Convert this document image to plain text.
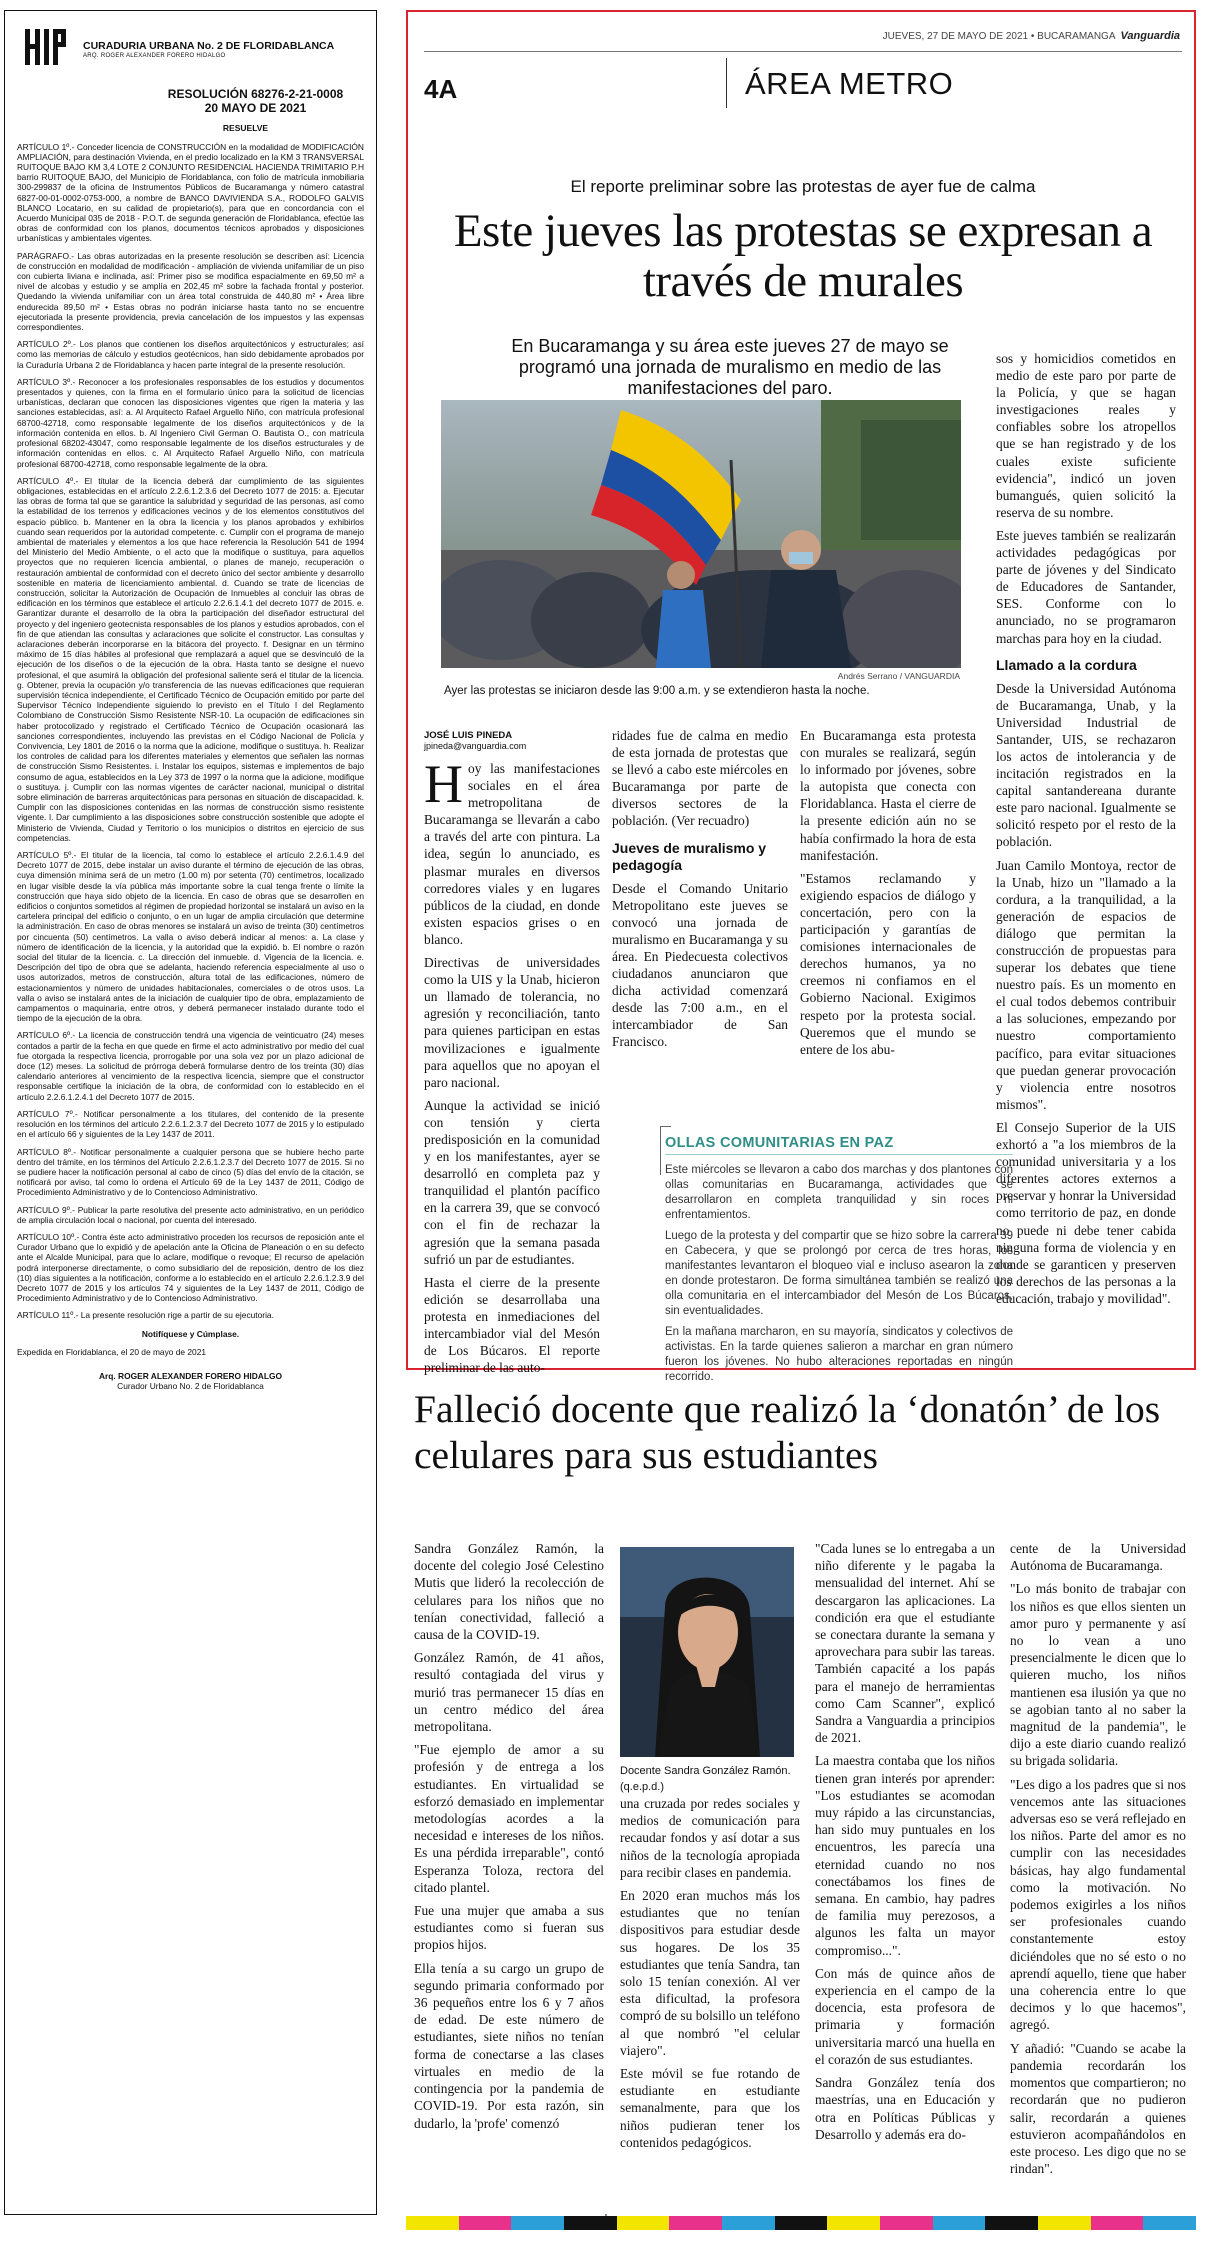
CURADURIA URBANA No. 2 DE FLORIDABLANCA
ARQ. ROGER ALEXANDER FORERO HIDALGO
RESOLUCIÓN 68276-2-21-0008
20 MAYO DE 2021
RESUELVE
ARTÍCULO 1º.- Conceder licencia de CONSTRUCCIÓN en la modalidad de MODIFICACIÓN AMPLIACIÓN, para destinación Vivienda, en el predio localizado en la KM 3 TRANSVERSAL RUITOQUE BAJO KM 3,4 LOTE 2 CONJUNTO RESIDENCIAL HACIENDA TRIMITARIO P.H barrio RUITOQUE BAJO, del Municipio de Floridablanca, con folio de matrícula inmobiliaria 300-299837 de la oficina de Instrumentos Públicos de Bucaramanga y número catastral 6827-00-01-0002-0753-000, a nombre de BANCO DAVIVIENDA S.A., RODOLFO GALVIS BLANCO Locatario, en su calidad de propietario(s), para que en concordancia con el Acuerdo Municipal 035 de 2018 - P.O.T. de segunda generación de Floridablanca, efectúe las obras de conformidad con los planos, documentos técnicos aprobados y disposiciones urbanísticas y ambientales vigentes.
PARÁGRAFO.- Las obras autorizadas en la presente resolución se describen así: Licencia de construcción en modalidad de modificación - ampliación de vivienda unifamiliar de un piso con cubierta liviana e inclinada, así: Primer piso se modifica espacialmente en 69,50 m² a nivel de alcobas y estudio y se amplía en 202,45 m² sobre la fachada frontal y posterior. Quedando la vivienda unifamiliar con un área total construida de 440,80 m² • Área libre endurecida 89,50 m² • Estas obras no podrán iniciarse hasta tanto no se encuentre ejecutoriada la presente providencia, previa cancelación de los impuestos y las expensas correspondientes.
ARTÍCULO 2º.- Los planos que contienen los diseños arquitectónicos y estructurales; así como las memorias de cálculo y estudios geotécnicos, han sido debidamente aprobados por la Curaduría Urbana 2 de Floridablanca y hacen parte integral de la presente resolución.
ARTÍCULO 3º.- Reconocer a los profesionales responsables de los estudios y documentos presentados y quienes, con la firma en el formulario único para la solicitud de licencias urbanísticas, declaran que conocen las disposiciones vigentes que rigen la materia y las sanciones establecidas, así: a. Al Arquitecto Rafael Arguello Niño, con matrícula profesional 68700-42718, como responsable legalmente de los diseños arquitectónicos y de la información contenida en ellos. b. Al Ingeniero Civil German O. Bautista O., con matrícula profesional 68202-43047, como responsable legalmente de los diseños estructurales y de información contenidas en ellos. c. Al Arquitecto Rafael Arguello Niño, con matrícula profesional 68700-42718, como responsable legalmente de la obra.
ARTÍCULO 4º.- El titular de la licencia deberá dar cumplimiento de las siguientes obligaciones, establecidas en el artículo 2.2.6.1.2.3.6 del Decreto 1077 de 2015: a. Ejecutar las obras de forma tal que se garantice la salubridad y seguridad de las personas, así como la estabilidad de los terrenos y edificaciones vecinos y de los elementos constitutivos del espacio público. b. Mantener en la obra la licencia y los planos aprobados y exhibirlos cuando sean requeridos por la autoridad competente. c. Cumplir con el programa de manejo ambiental de materiales y elementos a los que hace referencia la Resolución 541 de 1994 del Ministerio del Medio Ambiente, o el acto que la modifique o sustituya, para aquellos proyectos que no requieren licencia ambiental, o planes de manejo, recuperación o restauración ambiental de conformidad con el decreto único del sector ambiente y desarrollo sostenible en materia de licenciamiento ambiental. d. Cuando se trate de licencias de construcción, solicitar la Autorización de Ocupación de Inmuebles al concluir las obras de edificación en los términos que establece el artículo 2.2.6.1.4.1 del decreto 1077 de 2015. e. Garantizar durante el desarrollo de la obra la participación del diseñador estructural del proyecto y del ingeniero geotecnista responsables de los planos y estudios aprobados, con el fin de que atiendan las consultas y aclaraciones que solicite el constructor. Las consultas y aclaraciones deberán incorporarse en la bitácora del proyecto. f. Designar en un término máximo de 15 días hábiles al profesional que remplazará a aquel que se desvinculó de la ejecución de los diseños o de la ejecución de la obra. Hasta tanto se designe el nuevo profesional, el que asumirá la obligación del profesional saliente será el titular de la licencia. g. Obtener, previa la ocupación y/o transferencia de las nuevas edificaciones que requieran supervisión técnica independiente, el Certificado Técnico de Ocupación emitido por parte del Supervisor Técnico Independiente siguiendo lo previsto en el Título I del Reglamento Colombiano de Construcción Sismo Resistente NSR-10. La ocupación de edificaciones sin haber protocolizado y registrado el Certificado Técnico de Ocupación ocasionará las sanciones correspondientes, incluyendo las previstas en el Código Nacional de Policía y Convivencia, Ley 1801 de 2016 o la norma que la adicione, modifique o sustituya. h. Realizar los controles de calidad para los diferentes materiales y elementos que señalen las normas de construcción Sismo Resistentes. i. Instalar los equipos, sistemas e implementos de bajo consumo de agua, establecidos en la Ley 373 de 1997 o la norma que la adicione, modifique o sustituya. j. Cumplir con las normas vigentes de carácter nacional, municipal o distrital sobre eliminación de barreras arquitectónicas para personas en situación de discapacidad. k. Cumplir con las disposiciones contenidas en las normas de construcción sismo resistente vigente. l. Dar cumplimiento a las disposiciones sobre construcción sostenible que adopte el Ministerio de Vivienda, Ciudad y Territorio o los municipios o distritos en ejercicio de sus competencias.
ARTÍCULO 5º.- El titular de la licencia, tal como lo establece el artículo 2.2.6.1.4.9 del Decreto 1077 de 2015, debe instalar un aviso durante el término de ejecución de las obras, cuya dimensión mínima será de un metro (1.00 m) por setenta (70) centímetros, localizado en lugar visible desde la vía pública más importante sobre la cual tenga frente o límite la construcción que haya sido objeto de la licencia. En caso de obras que se desarrollen en edificios o conjuntos sometidos al régimen de propiedad horizontal se instalará un aviso en la cartelera principal del edificio o conjunto, o en un lugar de amplia circulación que determine la administración. En caso de obras menores se instalará un aviso de treinta (30) centímetros por cincuenta (50) centímetros. La valla o aviso deberá indicar al menos: a. La clase y número de identificación de la licencia, y la autoridad que la expidió. b. El nombre o razón social del titular de la licencia. c. La dirección del inmueble. d. Vigencia de la licencia. e. Descripción del tipo de obra que se adelanta, haciendo referencia especialmente al uso o usos autorizados, metros de construcción, altura total de las edificaciones, número de estacionamientos y número de unidades habitacionales, comerciales o de otros usos. La valla o aviso se instalará antes de la iniciación de cualquier tipo de obra, emplazamiento de campamentos o maquinaria, entre otros, y deberá permanecer instalado durante todo el tiempo de la ejecución de la obra.
ARTÍCULO 6º.- La licencia de construcción tendrá una vigencia de veinticuatro (24) meses contados a partir de la fecha en que quede en firme el acto administrativo por medio del cual fue otorgada la respectiva licencia, prorrogable por una sola vez por un plazo adicional de doce (12) meses. La solicitud de prórroga deberá formularse dentro de los treinta (30) días calendario anteriores al vencimiento de la respectiva licencia, siempre que el constructor responsable certifique la iniciación de la obra, de conformidad con lo establecido en el artículo 2.2.6.1.2.4.1 del Decreto 1077 de 2015.
ARTÍCULO 7º.- Notificar personalmente a los titulares, del contenido de la presente resolución en los términos del artículo 2.2.6.1.2.3.7 del Decreto 1077 de 2015 y lo estipulado en el artículo 66 y siguientes de la Ley 1437 de 2011.
ARTÍCULO 8º.- Notificar personalmente a cualquier persona que se hubiere hecho parte dentro del trámite, en los términos del Artículo 2.2.6.1.2.3.7 del Decreto 1077 de 2015. Si no se pudiere hacer la notificación personal al cabo de cinco (5) días del envío de la citación, se notificará por aviso, tal como lo ordena el Artículo 69 de la Ley 1437 de 2011, Código de Procedimiento Administrativo y de lo Contencioso Administrativo.
ARTÍCULO 9º.- Publicar la parte resolutiva del presente acto administrativo, en un periódico de amplia circulación local o nacional, por cuenta del interesado.
ARTÍCULO 10º.- Contra éste acto administrativo proceden los recursos de reposición ante el Curador Urbano que lo expidió y de apelación ante la Oficina de Planeación o en su defecto ante el Alcalde Municipal, para que lo aclare, modifique o revoque; El recurso de apelación podrá interponerse directamente, o como subsidiario del de reposición, dentro de los diez (10) días siguientes a la notificación, conforme a lo establecido en el artículo 2.2.6.1.2.3.9 del Decreto 1077 de 2015 y los artículos 74 y siguientes de la Ley 1437 de 2011, Código de Procedimiento Administrativo y de lo Contencioso Administrativo.
ARTÍCULO 11º.- La presente resolución rige a partir de su ejecutoria.
Notifíquese y Cúmplase.
Expedida en Floridablanca, el 20 de mayo de 2021
Arq. ROGER ALEXANDER FORERO HIDALGO
Curador Urbano No. 2 de Floridablanca
JUEVES, 27 DE MAYO DE 2021 • BUCARAMANGA Vanguardia
4A	ÁREA METRO
El reporte preliminar sobre las protestas de ayer fue de calma
Este jueves las protestas se expresan a través de murales
En Bucaramanga y su área este jueves 27 de mayo se programó una jornada de muralismo en medio de las manifestaciones del paro.
Andrés Serrano / VANGUARDIA
Ayer las protestas se iniciaron desde las 9:00 a.m. y se extendieron hasta la noche.
JOSÉ LUIS PINEDA
jpineda@vanguardia.com
H oy las manifestaciones sociales en el área metropolitana de Bucaramanga se llevarán a cabo a través del arte con pintura. La idea, según lo anunciado, es plasmar murales en diversos corredores viales y en lugares públicos de la ciudad, en donde existen espacios grises o en blanco.

Directivas de universidades como la UIS y la Unab, hicieron un llamado de tolerancia, no agresión y reconciliación, tanto para quienes participan en estas movilizaciones e igualmente para aquellos que no apoyan el paro nacional.

Aunque la actividad se inició con tensión y cierta predisposición en la comunidad y en los manifestantes, ayer se desarrolló en completa paz y tranquilidad el plantón pacífico en la carrera 39, que se convocó con el fin de rechazar la agresión que la semana pasada sufrió un par de estudiantes.

Hasta el cierre de la presente edición se desarrollaba una protesta en inmediaciones del intercambiador vial del Mesón de Los Búcaros. El reporte preliminar de las auto-

ridades fue de calma en medio de esta jornada de protestas que se llevó a cabo este miércoles en Bucaramanga por parte de diversos sectores de la población. (Ver recuadro)

Jueves de muralismo y pedagogía

Desde el Comando Unitario Metropolitano este jueves se convocó una jornada de muralismo en Bucaramanga y su área. En Piedecuesta colectivos ciudadanos anunciaron que dicha actividad comenzará desde las 7:00 a.m., en el intercambiador de San Francisco.

En Bucaramanga esta protesta con murales se realizará, según lo informado por jóvenes, sobre la autopista que conecta con Floridablanca. Hasta el cierre de la presente edición aún no se había confirmado la hora de esta manifestación.

"Estamos reclamando y exigiendo espacios de diálogo y concertación, pero con la participación y garantías de comisiones internacionales de derechos humanos, ya no creemos ni confiamos en el Gobierno Nacional. Exigimos respeto por la protesta social. Queremos que el mundo se entere de los abu-

sos y homicidios cometidos en medio de este paro por parte de la Policía, y que se hagan investigaciones reales y confiables sobre los atropellos que se han registrado y de los cuales existe suficiente evidencia", indicó un joven bumangués, quien solicitó la reserva de su nombre.

Este jueves también se realizarán actividades pedagógicas por parte de jóvenes y del Sindicato de Educadores de Santander, SES. Conforme con lo anunciado, no se programaron marchas para hoy en la ciudad.

Llamado a la cordura

Desde la Universidad Autónoma de Bucaramanga, Unab, y la Universidad Industrial de Santander, UIS, se rechazaron los actos de intolerancia y de incitación registrados en la capital santandereana durante este paro nacional. Igualmente se solicitó respeto por el resto de la población.

Juan Camilo Montoya, rector de la Unab, hizo un "llamado a la cordura, a la tranquilidad, a la generación de espacios de diálogo que permitan la construcción de propuestas para superar los debates que tiene nuestro país. Es un momento en el cual todos debemos contribuir a las soluciones, empezando por nuestro comportamiento pacífico, para evitar situaciones que puedan generar provocación y violencia entre nosotros mismos".

El Consejo Superior de la UIS exhortó a "a los miembros de la comunidad universitaria y a los diferentes actores externos a preservar y honrar la Universidad como territorio de paz, en donde no puede ni debe tener cabida ninguna forma de violencia y en donde se garanticen y preserven los derechos de las personas a la educación, trabajo y movilidad".

OLLAS COMUNITARIAS EN PAZ

Este miércoles se llevaron a cabo dos marchas y dos plantones con ollas comunitarias en Bucaramanga, actividades que se desarrollaron en completa tranquilidad y sin roces ni enfrentamientos.

Luego de la protesta y del compartir que se hizo sobre la carrera 39 en Cabecera, y que se prolongó por cerca de tres horas, los manifestantes levantaron el bloqueo vial e incluso asearon la zona en donde protestaron. De forma simultánea también se realizó una olla comunitaria en el intercambiador del Mesón de Los Búcaros, sin eventualidades.

En la mañana marcharon, en su mayoría, sindicatos y colectivos de activistas. En la tarde quienes salieron a marchar en gran número fueron los jóvenes. No hubo alteraciones reportadas en ningún recorrido.

Falleció docente que realizó la ‘donatón’ de los celulares para sus estudiantes

Sandra González Ramón, la docente del colegio José Celestino Mutis que lideró la recolección de celulares para los niños que no tenían conectividad, falleció a causa de la COVID-19.

González Ramón, de 41 años, resultó contagiada del virus y murió tras permanecer 15 días en un centro médico del área metropolitana.

"Fue ejemplo de amor a su profesión y de entrega a los estudiantes. En virtualidad se esforzó demasiado en implementar metodologías acordes a la necesidad e intereses de los niños. Es una pérdida irreparable", contó Esperanza Toloza, rectora del citado plantel.

Fue una mujer que amaba a sus estudiantes como si fueran sus propios hijos.

Ella tenía a su cargo un grupo de segundo primaria conformado por 36 pequeños entre los 6 y 7 años de edad. De este número de estudiantes, siete niños no tenían forma de conectarse a las clases virtuales en medio de la contingencia por la pandemia de COVID-19. Por esta razón, sin dudarlo, la 'profe' comenzó

Docente Sandra González Ramón. (q.e.p.d.)

una cruzada por redes sociales y medios de comunicación para recaudar fondos y así dotar a sus niños de la tecnología apropiada para recibir clases en pandemia.

En 2020 eran muchos más los estudiantes que no tenían dispositivos para estudiar desde sus hogares. De los 35 estudiantes que tenía Sandra, tan solo 15 tenían conexión. Al ver esta dificultad, la profesora compró de su bolsillo un teléfono al que nombró "el celular viajero".

Este móvil se fue rotando de estudiante en estudiante semanalmente, para que los niños pudieran tener los contenidos pedagógicos.

"Cada lunes se lo entregaba a un niño diferente y le pagaba la mensualidad del internet. Ahí se descargaron las aplicaciones. La condición era que el estudiante se conectara durante la semana y aprovechara para subir las tareas. También capacité a los papás para el manejo de herramientas como Cam Scanner", explicó Sandra a Vanguardia a principios de 2021.

La maestra contaba que los niños tienen gran interés por aprender: "Los estudiantes se acomodan muy rápido a las circunstancias, han sido muy puntuales en los encuentros, les parecía una eternidad cuando no nos conectábamos los fines de semana. En cambio, hay padres de familia muy perezosos, a algunos les falta un mayor compromiso...".

Con más de quince años de experiencia en el campo de la docencia, esta profesora de primaria y formación universitaria marcó una huella en el corazón de sus estudiantes.

Sandra González tenía dos maestrías, una en Educación y otra en Políticas Públicas y Desarrollo y además era do-

cente de la Universidad Autónoma de Bucaramanga.

"Lo más bonito de trabajar con los niños es que ellos sienten un amor puro y permanente y así no lo vean a uno presencialmente le dicen que lo quieren mucho, los niños mantienen esa ilusión ya que no se agobian tanto al no saber la magnitud de la pandemia", le dijo a este diario cuando realizó su brigada solidaria.

"Les digo a los padres que si nos vencemos ante las situaciones adversas eso se verá reflejado en los niños. Parte del amor es no cumplir con las necesidades básicas, hay algo fundamental como la motivación. No podemos exigirles a los niños ser profesionales cuando constantemente estoy diciéndoles que no sé esto o no aprendí aquello, tiene que haber una coherencia entre lo que decimos y lo que hacemos", agregó.

Y añadió: "Cuando se acabe la pandemia recordarán los momentos que compartieron; no recordarán que no pudieron salir, recordarán a quienes estuvieron acompañándolos en este proceso. Les digo que no se rindan".
